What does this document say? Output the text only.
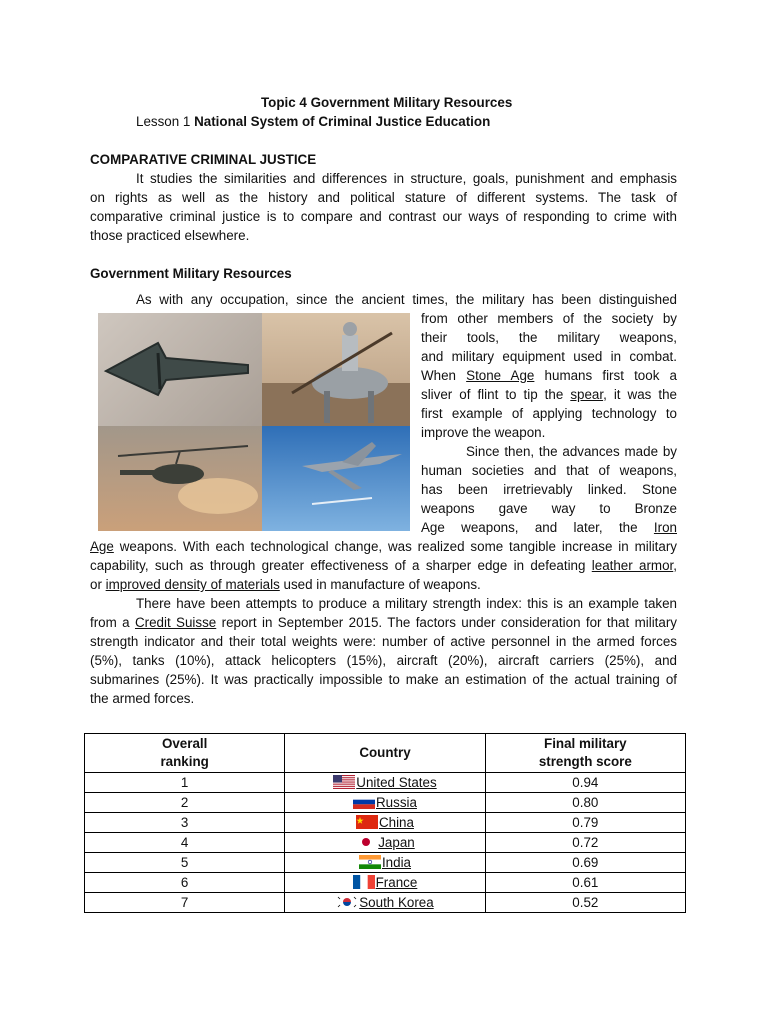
Topic 4 Government Military Resources
Lesson 1 National System of Criminal Justice Education
COMPARATIVE CRIMINAL JUSTICE
It studies the similarities and differences in structure, goals, punishment and emphasis
on rights as well as the history and political stature of different systems. The task of
comparative criminal justice is to compare and contrast our ways of responding to crime with
those practiced elsewhere.
Government Military Resources
As with any occupation, since the ancient times, the military has been distinguished
from other members of the society by
their tools, the military weapons,
and military equipment used in combat.
When Stone Age humans first took a
sliver of flint to tip the spear, it was the
first example of applying technology to
improve the weapon.
Since then, the advances made by
human societies and that of weapons,
has been irretrievably linked. Stone
weapons gave way to Bronze
Age weapons, and later, the Iron
Age weapons. With each technological change, was realized some tangible increase in military
capability, such as through greater effectiveness of a sharper edge in defeating leather armor,
or improved density of materials used in manufacture of weapons.
There have been attempts to produce a military strength index: this is an example taken
from a Credit Suisse report in September 2015. The factors under consideration for that military
strength indicator and their total weights were: number of active personnel in the armed forces
(5%), tanks (10%), attack helicopters (15%), aircraft (20%), aircraft carriers (25%), and
submarines (25%). It was practically impossible to make an estimation of the actual training of
the armed forces.
Overall
ranking	Country	Final military
strength score
1	United States	0.94
2	Russia	0.80
3	China	0.79
4	Japan	0.72
5	India	0.69
6	France	0.61
7	South Korea	0.52
